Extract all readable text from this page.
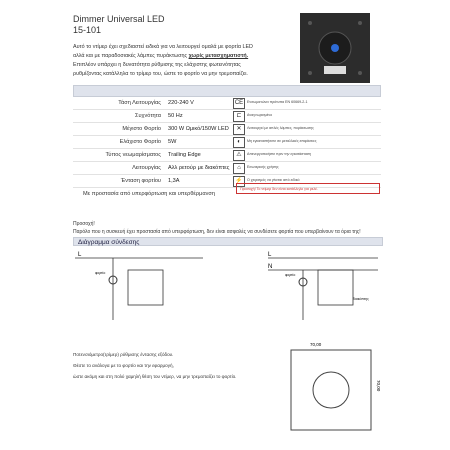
Dimmer Universal LED
15-101
Αυτό το ντίμερ έχει σχεδιαστεί ειδικά για να λειτουργεί ομαλά με φορτία LED
αλλά και με παραδοσιακές λάμπες πυράκτωσης χωρίς μετασχηματιστή.
Επιπλέον υπάρχει η δυνατότητα ρύθμισης της ελάχιστης φωτεινότητας
ρυθμίζοντας κατάλληλα το τρίμερ του, ώστε το φορτίο να μην τρεμοπαίζει.
Τάση Λειτουργίας 220-240 V	CE	Ενσωματώνει πρότυπα ΕΝ 60669-2-1
Συχνότητα 50 Hz	⊏	Αναγνωρισμένο
Μέγιστο Φορτίο 300 W Ωμικό/150W LED	✕	Λειτουργεί με απλές λάμπες, πυράκτωσης
Ελάχιστο Φορτίο 5W	◐	Μη εγκαταστήσετε σε μεταλλικές επιφάνειες
Τύπος νεωμαρίσματος Trailing Edge	⚠	Απενεργοποιήστε πριν την εγκατάσταση
Λειτουργίας Αλλ ρετούρ με διακόπτες	⌂	Εσωτερικής χρήσης
Ένταση φορτίου 1,3A	⚡	Ο χειρισμός να γίνεται από ειδικό
Με προστασία από υπερφόρτωση και υπερθέρμανση
Προσοχή! Το ντίμερ δεν είναι κατάλληλο για ρελέ.
Προσοχή!
Παρόλο που η συσκευή έχει προστασία από υπερφόρτωση, δεν είναι ασφαλές να συνδέσετε φορτία που υπερβαίνουν τα όρια της!
Διάγραμμα σύνδεσης
L	L
N
φορτίο	φορτίο
διακόπτης
70,00
70,00
Ποτενσιόμετρο(τρίμερ) ρύθμισης έντασης εξόδου.
Θέστε το ανάλογα με το φορτίο και την εφαρμογή,
ώστε ακόμη και στη πολύ χαμηλή θέση του ντίμερ, να μην τρεμοπαίζει το φορτίο.
